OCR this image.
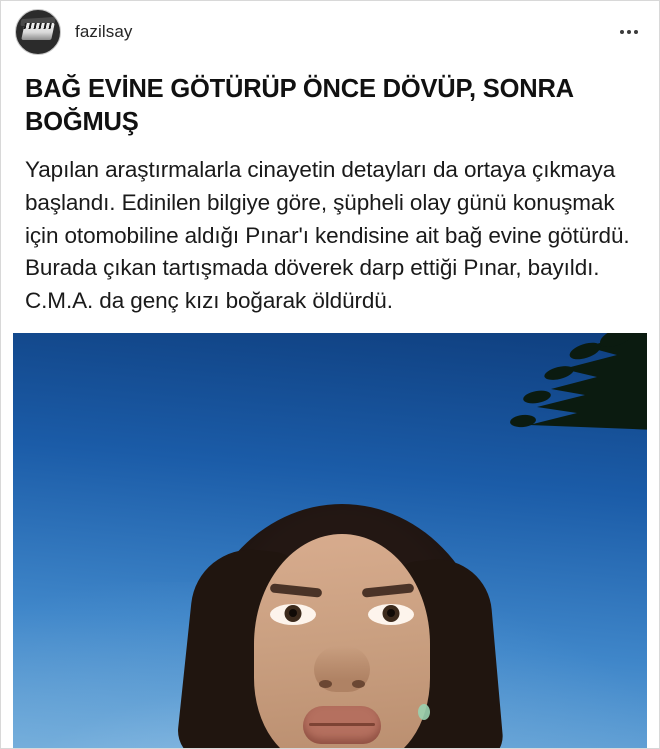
fazilsay
BAĞ EVİNE GÖTÜRÜP ÖNCE DÖVÜP, SONRA BOĞMUŞ

Yapılan araştırmalarla cinayetin detayları da ortaya çıkmaya başlandı. Edinilen bilgiye göre, şüpheli olay günü konuşmak için otomobiline aldığı Pınar'ı kendisine ait bağ evine götürdü. Burada çıkan tartışmada döverek darp ettiği Pınar, bayıldı. C.M.A. da genç kızı boğarak öldürdü.
